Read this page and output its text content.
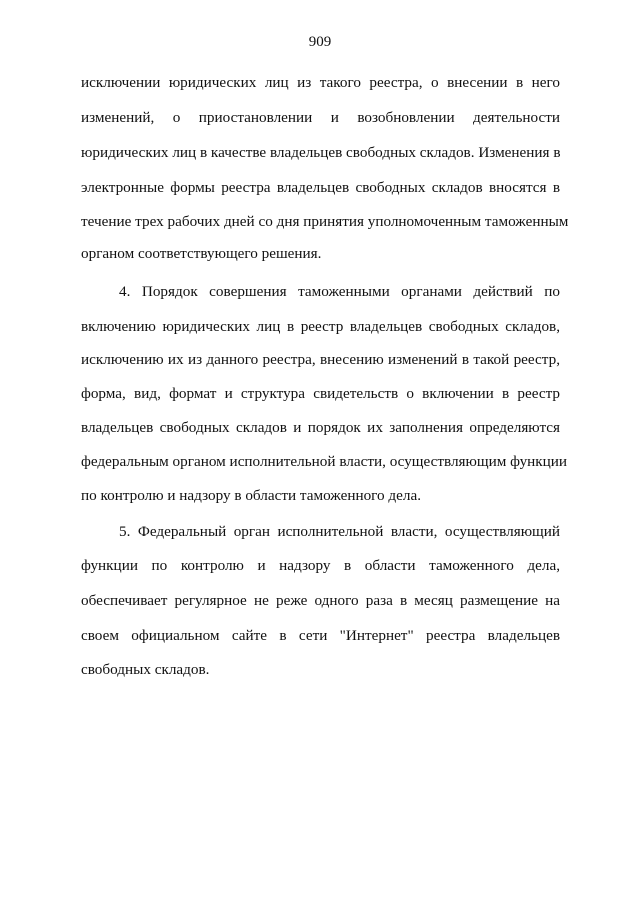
909
исключении юридических лиц из такого реестра, о внесении в него
изменений, о приостановлении и возобновлении деятельности
юридических лиц в качестве владельцев свободных складов. Изменения в
электронные формы реестра владельцев свободных складов вносятся в
течение трех рабочих дней со дня принятия уполномоченным таможенным
органом соответствующего решения.
4. Порядок совершения таможенными органами действий по
включению юридических лиц в реестр владельцев свободных складов,
исключению их из данного реестра, внесению изменений в такой реестр,
форма, вид, формат и структура свидетельств о включении в реестр
владельцев свободных складов и порядок их заполнения определяются
федеральным органом исполнительной власти, осуществляющим функции
по контролю и надзору в области таможенного дела.
5. Федеральный орган исполнительной власти, осуществляющий
функции по контролю и надзору в области таможенного дела,
обеспечивает регулярное не реже одного раза в месяц размещение на
своем официальном сайте в сети "Интернет" реестра владельцев
свободных складов.
